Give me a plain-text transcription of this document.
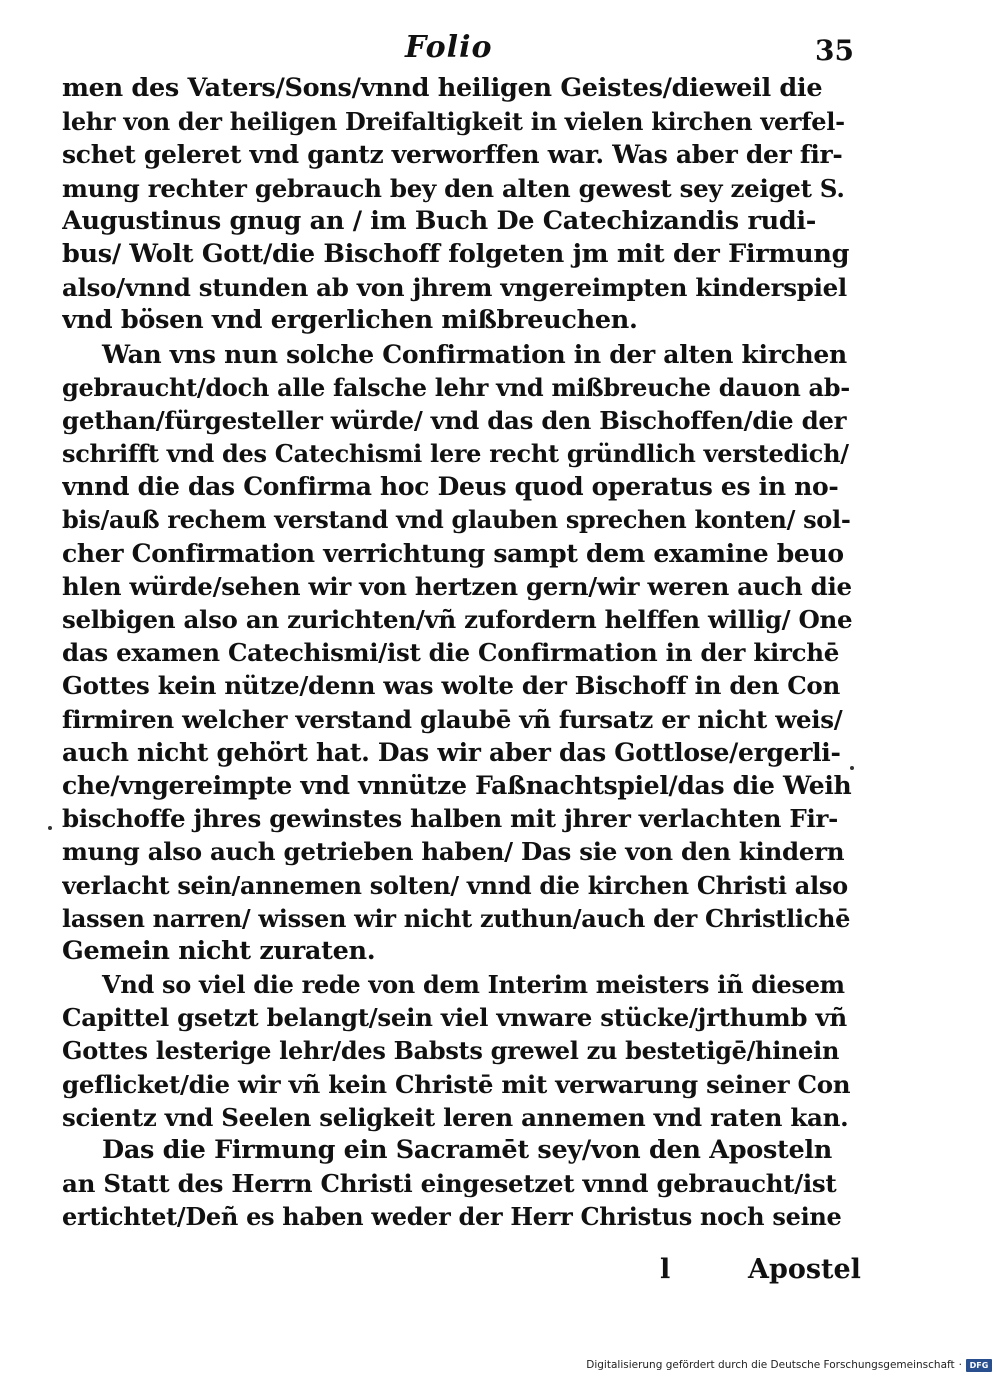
Folio	35
men des Vaters/Sons/vnnd heiligen Geistes/dieweil die
lehr von der heiligen Dreifaltigkeit in vielen kirchen verfel-
schet geleret vnd gantz verworffen war. Was aber der fir-
mung rechter gebrauch bey den alten gewest sey zeiget S.
Augustinus gnug an / im Buch De Catechizandis rudi-
bus/ Wolt Gott/die Bischoff folgeten jm mit der Firmung
also/vnnd stunden ab von jhrem vngereimpten kinderspiel
vnd bösen vnd ergerlichen mißbreuchen.
Wan vns nun solche Confirmation in der alten kirchen
gebraucht/doch alle falsche lehr vnd mißbreuche dauon ab-
gethan/fürgesteller würde/ vnd das den Bischoffen/die der
schrifft vnd des Catechismi lere recht gründlich verstedich/
vnnd die das Confirma hoc Deus quod operatus es in no-
bis/auß rechem verstand vnd glauben sprechen konten/ sol-
cher Confirmation verrichtung sampt dem examine beuo
hlen würde/sehen wir von hertzen gern/wir weren auch die
selbigen also an zurichten/vñ zufordern helffen willig/ One
das examen Catechismi/ist die Confirmation in der kirchē
Gottes kein nütze/denn was wolte der Bischoff in den Con
firmiren welcher verstand glaubē vñ fursatz er nicht weis/
auch nicht gehört hat. Das wir aber das Gottlose/ergerli-
che/vngereimpte vnd vnnütze Faßnachtspiel/das die Weih
bischoffe jhres gewinstes halben mit jhrer verlachten Fir-
mung also auch getrieben haben/ Das sie von den kindern
verlacht sein/annemen solten/ vnnd die kirchen Christi also
lassen narren/ wissen wir nicht zuthun/auch der Christlichē
Gemein nicht zuraten.
Vnd so viel die rede von dem Interim meisters iñ diesem
Capittel gsetzt belangt/sein viel vnware stücke/jrthumb vñ
Gottes lesterige lehr/des Babsts grewel zu bestetigē/hinein
geflicket/die wir vñ kein Christē mit verwarung seiner Con
scientz vnd Seelen seligkeit leren annemen vnd raten kan.
Das die Firmung ein Sacramēt sey/von den Aposteln
an Statt des Herrn Christi eingesetzet vnnd gebraucht/ist
ertichtet/Deñ es haben weder der Herr Christus noch seine
l	Apostel
Digitalisierung gefördert durch die Deutsche Forschungsgemeinschaft · DFG
